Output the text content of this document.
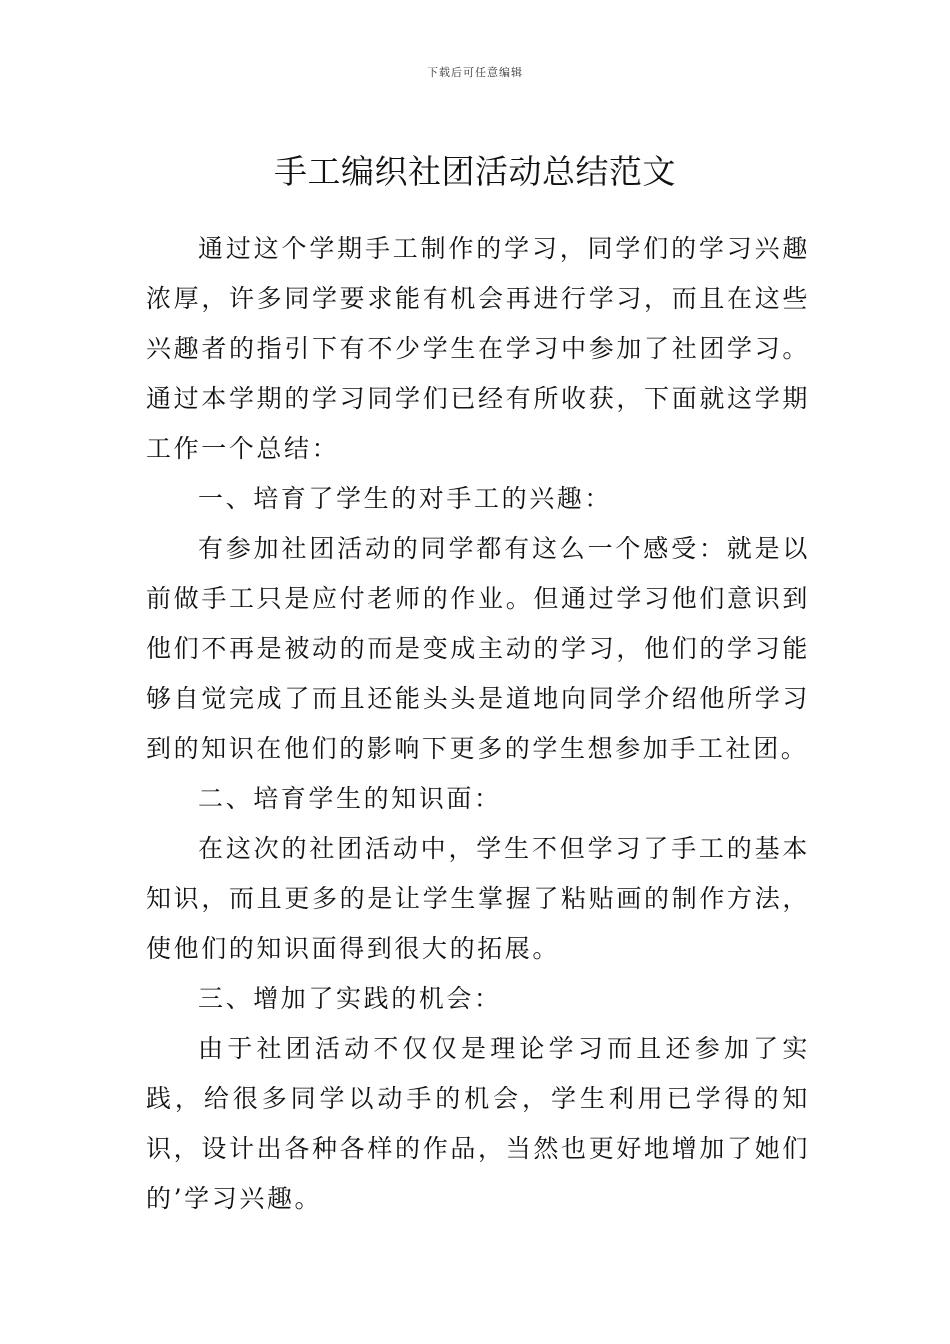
下载后可任意编辑
手工编织社团活动总结范文

通过这个学期手工制作的学习，同学们的学习兴趣浓厚，许多同学要求能有机会再进行学习，而且在这些兴趣者的指引下有不少学生在学习中参加了社团学习。通过本学期的学习同学们已经有所收获，下面就这学期工作一个总结：

一、培育了学生的对手工的兴趣：

有参加社团活动的同学都有这么一个感受：就是以前做手工只是应付老师的作业。但通过学习他们意识到他们不再是被动的而是变成主动的学习，他们的学习能够自觉完成了而且还能头头是道地向同学介绍他所学习到的知识在他们的影响下更多的学生想参加手工社团。

二、培育学生的知识面：

在这次的社团活动中，学生不但学习了手工的基本知识，而且更多的是让学生掌握了粘贴画的制作方法，使他们的知识面得到很大的拓展。

三、增加了实践的机会：

由于社团活动不仅仅是理论学习而且还参加了实践，给很多同学以动手的机会，学生利用已学得的知识，设计出各种各样的作品，当然也更好地增加了她们的’学习兴趣。
